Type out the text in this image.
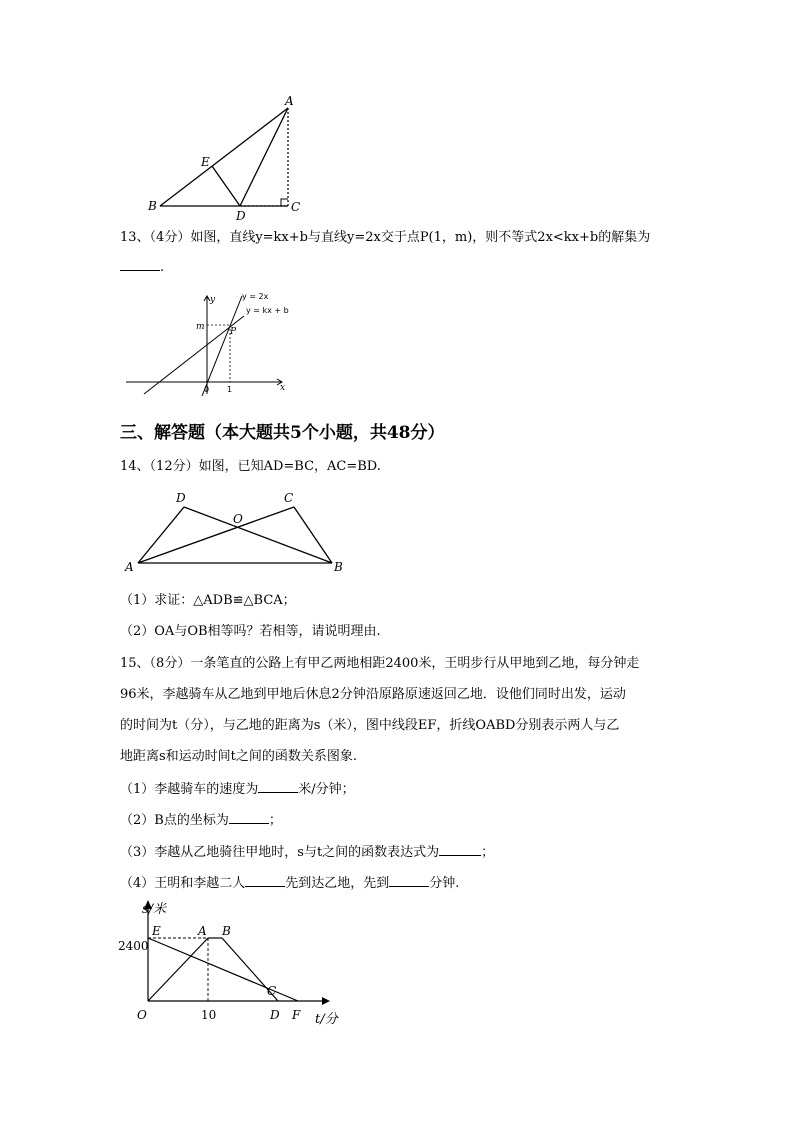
A
B	C
D
E
13、（4分）如图，直线y=kx+b与直线y=2x交于点P(1，m)，则不等式2x<kx+b的解集为
.
y
x
m	P
0 1
y = 2x
y = kx + b
三、解答题（本大题共5个小题，共48分）
14、（12分）如图，已知AD=BC，AC=BD.
A	B
C
D
O
（1）求证：△ADB≌△BCA；
（2）OA与OB相等吗？若相等，请说明理由.
15、（8分）一条笔直的公路上有甲乙两地相距2400米，王明步行从甲地到乙地，每分钟走
96米，李越骑车从乙地到甲地后休息2分钟沿原路原速返回乙地．设他们同时出发，运动
的时间为t（分），与乙地的距离为s（米），图中线段EF，折线OABD分别表示两人与乙
地距离s和运动时间t之间的函数关系图象.
（1）李越骑车的速度为	米/分钟；
（2）B点的坐标为	；
（3）李越从乙地骑往甲地时，s与t之间的函数表达式为	；
（4）王明和李越二人	先到达乙地，先到	分钟.
s/米
t/分
2400
10
O
E	A B
C
D F
